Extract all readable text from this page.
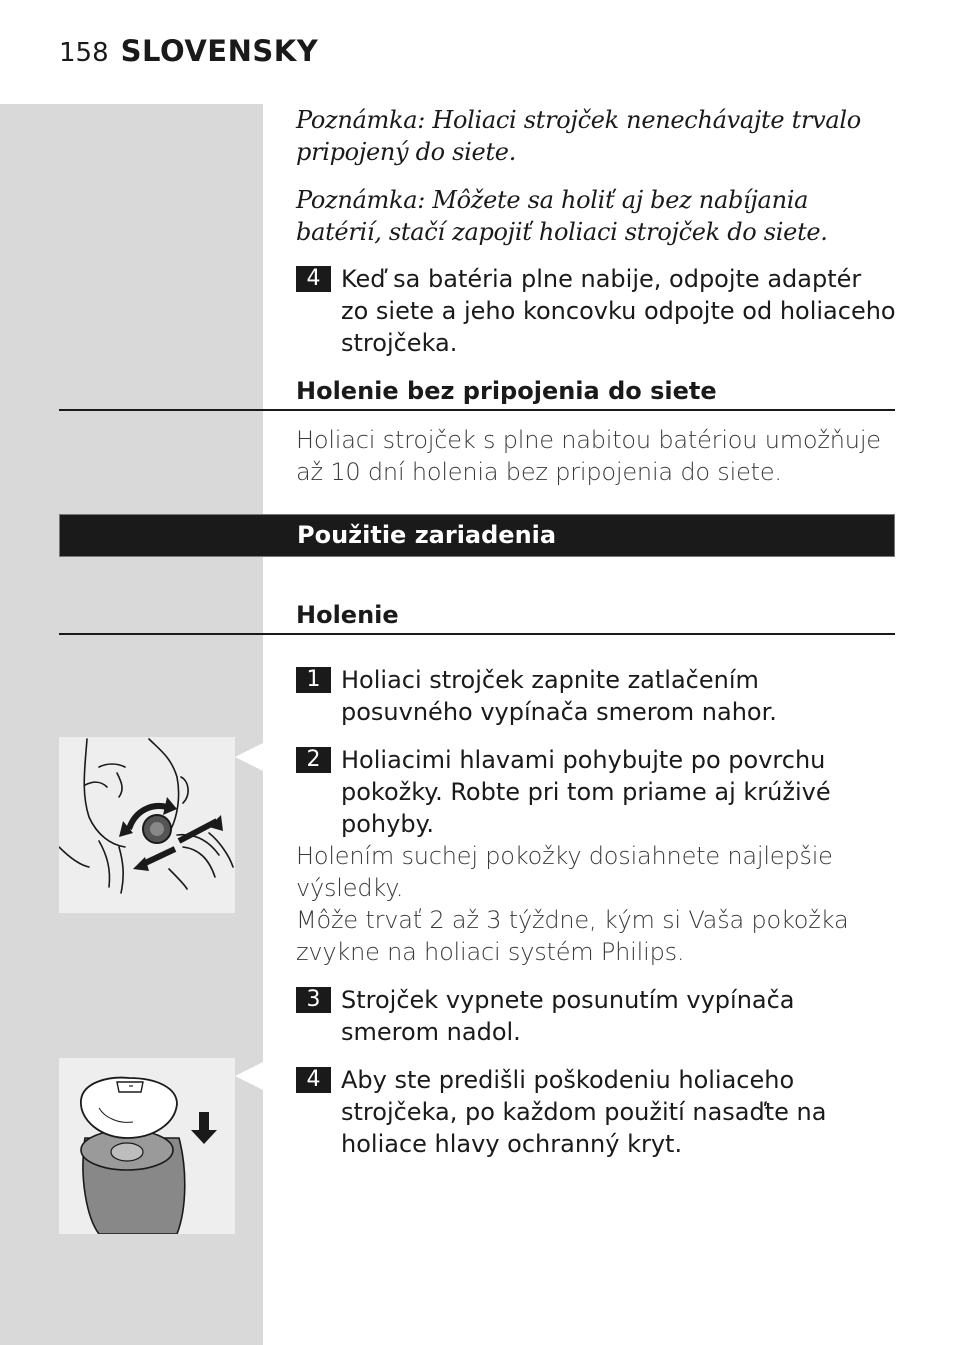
158 SLOVENSKY
Poznámka: Holiaci strojček nenechávajte trvalo pripojený do siete.
Poznámka: Môžete sa holiť aj bez nabíjania batérií, stačí zapojiť holiaci strojček do siete.
4 Keď sa batéria plne nabije, odpojte adaptér zo siete a jeho koncovku odpojte od holiaceho strojčeka.
Holenie bez pripojenia do siete
Holiaci strojček s plne nabitou batériou umožňuje až 10 dní holenia bez pripojenia do siete.
Použitie zariadenia
Holenie
1 Holiaci strojček zapnite zatlačením posuvného vypínača smerom nahor.
2 Holiacimi hlavami pohybujte po povrchu pokožky. Robte pri tom priame aj krúživé pohyby.
Holením suchej pokožky dosiahnete najlepšie výsledky.
Môže trvať 2 až 3 týždne, kým si Vaša pokožka zvykne na holiaci systém Philips.
3 Strojček vypnete posunutím vypínača smerom nadol.
4 Aby ste predišli poškodeniu holiaceho strojčeka, po každom použití nasaďte na holiace hlavy ochranný kryt.
